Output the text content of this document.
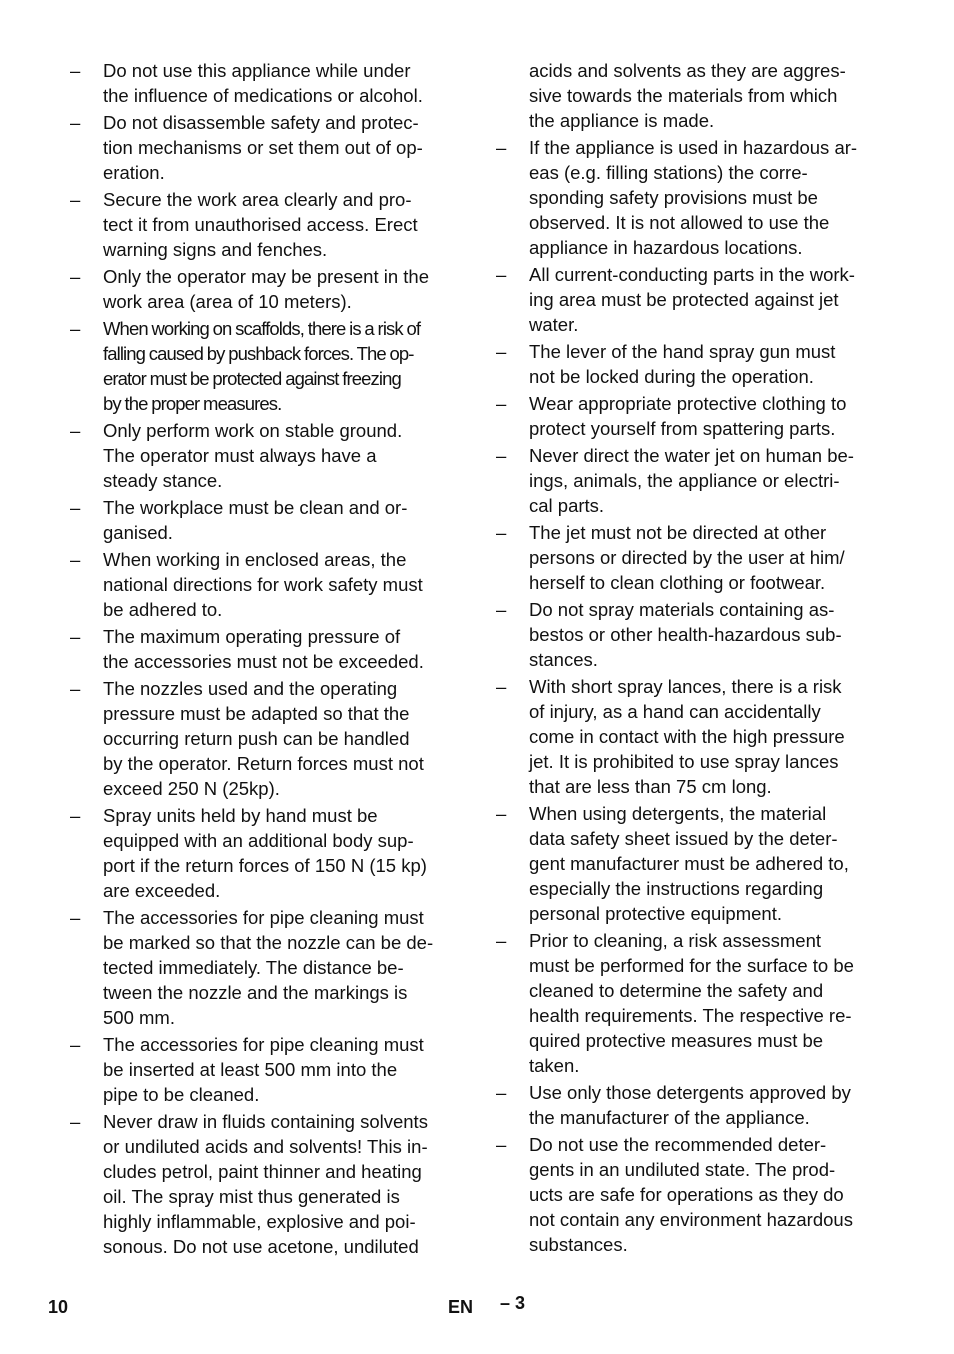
– Do not use this appliance while under
the influence of medications or alcohol.
– Do not disassemble safety and protec-
tion mechanisms or set them out of op-
eration.
– Secure the work area clearly and pro-
tect it from unauthorised access. Erect
warning signs and fenches.
– Only the operator may be present in the
work area (area of 10 meters).
– When working on scaffolds, there is a risk of
falling caused by pushback forces. The op-
erator must be protected against freezing
by the proper measures.
– Only perform work on stable ground.
The operator must always have a
steady stance.
– The workplace must be clean and or-
ganised.
– When working in enclosed areas, the
national directions for work safety must
be adhered to.
– The maximum operating pressure of
the accessories must not be exceeded.
– The nozzles used and the operating
pressure must be adapted so that the
occurring return push can be handled
by the operator. Return forces must not
exceed 250 N (25kp).
– Spray units held by hand must be
equipped with an additional body sup-
port if the return forces of 150 N (15 kp)
are exceeded.
– The accessories for pipe cleaning must
be marked so that the nozzle can be de-
tected immediately. The distance be-
tween the nozzle and the markings is
500 mm.
– The accessories for pipe cleaning must
be inserted at least 500 mm into the
pipe to be cleaned.
– Never draw in fluids containing solvents
or undiluted acids and solvents! This in-
cludes petrol, paint thinner and heating
oil. The spray mist thus generated is
highly inflammable, explosive and poi-
sonous. Do not use acetone, undiluted
acids and solvents as they are aggres-
sive towards the materials from which
the appliance is made.
– If the appliance is used in hazardous ar-
eas (e.g. filling stations) the corre-
sponding safety provisions must be
observed. It is not allowed to use the
appliance in hazardous locations.
– All current-conducting parts in the work-
ing area must be protected against jet
water.
– The lever of the hand spray gun must
not be locked during the operation.
– Wear appropriate protective clothing to
protect yourself from spattering parts.
– Never direct the water jet on human be-
ings, animals, the appliance or electri-
cal parts.
– The jet must not be directed at other
persons or directed by the user at him/
herself to clean clothing or footwear.
– Do not spray materials containing as-
bestos or other health-hazardous sub-
stances.
– With short spray lances, there is a risk
of injury, as a hand can accidentally
come in contact with the high pressure
jet. It is prohibited to use spray lances
that are less than 75 cm long.
– When using detergents, the material
data safety sheet issued by the deter-
gent manufacturer must be adhered to,
especially the instructions regarding
personal protective equipment.
– Prior to cleaning, a risk assessment
must be performed for the surface to be
cleaned to determine the safety and
health requirements. The respective re-
quired protective measures must be
taken.
– Use only those detergents approved by
the manufacturer of the appliance.
– Do not use the recommended deter-
gents in an undiluted state. The prod-
ucts are safe for operations as they do
not contain any environment hazardous
substances.
10	EN – 3
